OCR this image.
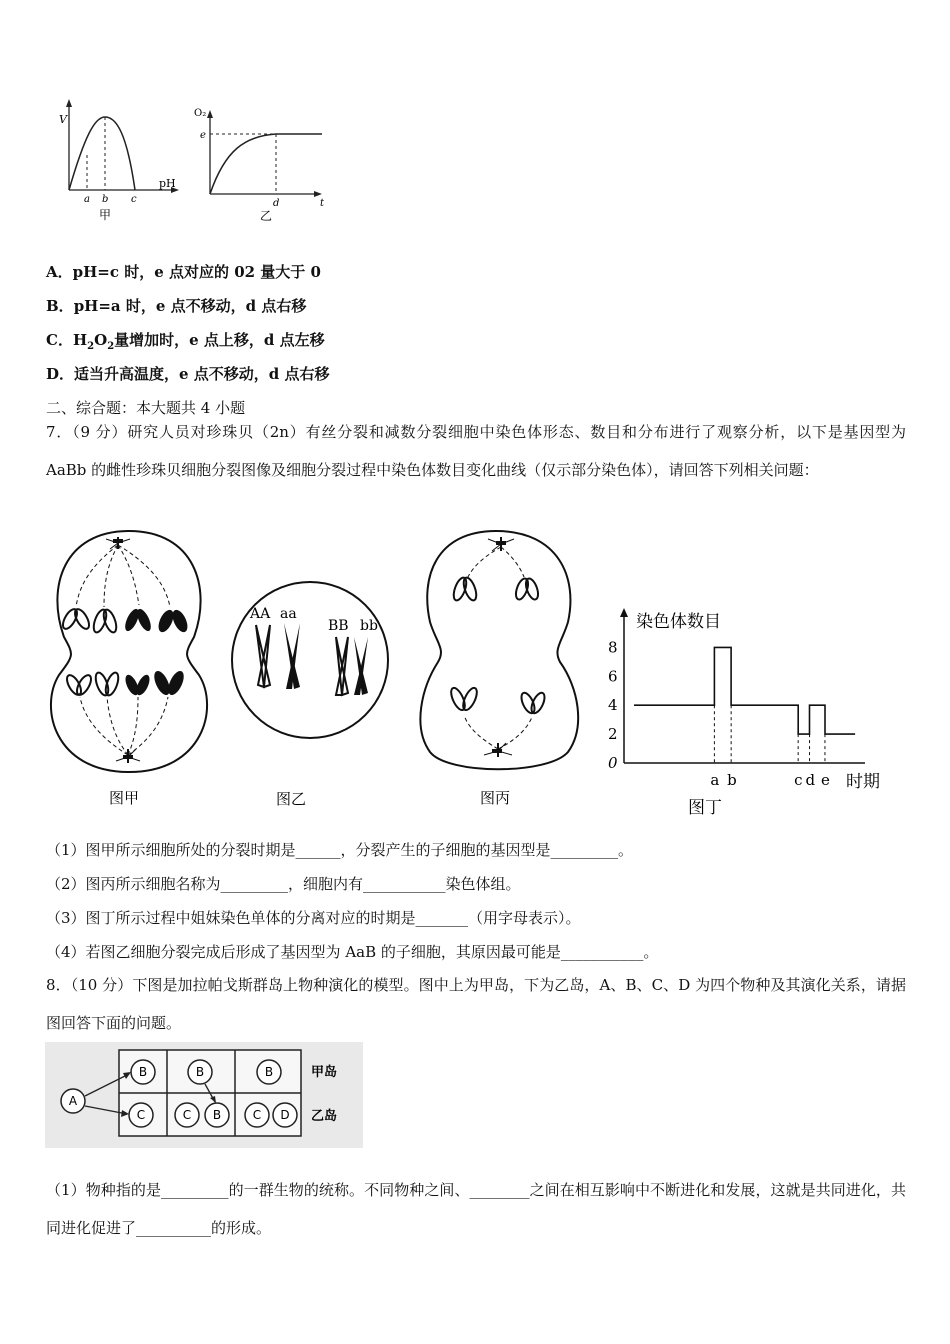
V
pH
a b c
甲
O₂
e
d	t
乙
A．pH=c 时，e 点对应的 02 量大于 0
B．pH=a 时，e 点不移动，d 点右移
C．$H_2O_2$量增加时，e 点上移，d 点左移
D．适当升高温度，e 点不移动，d 点右移
二、综合题：本大题共 4 小题
7．（9 分）研究人员对珍珠贝（2n）有丝分裂和减数分裂细胞中染色体形态、数目和分布进行了观察分析，以下是基因型为 AaBb 的雌性珍珠贝细胞分裂图像及细胞分裂过程中染色体数目变化曲线（仅示部分染色体），请回答下列相关问题：
图甲
AA aa
BB bb
图乙	图丙
染色体数目
时期
图丁
0
2
4
6
8
a b	c d e
（1）图甲所示细胞所处的分裂时期是______，分裂产生的子细胞的基因型是_________。
（2）图丙所示细胞名称为_________，细胞内有___________染色体组。
（3）图丁所示过程中姐妹染色单体的分离对应的时期是_______（用字母表示）。
（4）若图乙细胞分裂完成后形成了基因型为 AaB 的子细胞，其原因最可能是___________。
8．（10 分）下图是加拉帕戈斯群岛上物种演化的模型。图中上为甲岛，下为乙岛，A、B、C、D 为四个物种及其演化关系，请据图回答下面的问题。
A
B	B	B
C	C B	C D
甲岛
乙岛
（1）物种指的是_________的一群生物的统称。不同物种之间、________之间在相互影响中不断进化和发展，这就是共同进化，共同进化促进了__________的形成。
